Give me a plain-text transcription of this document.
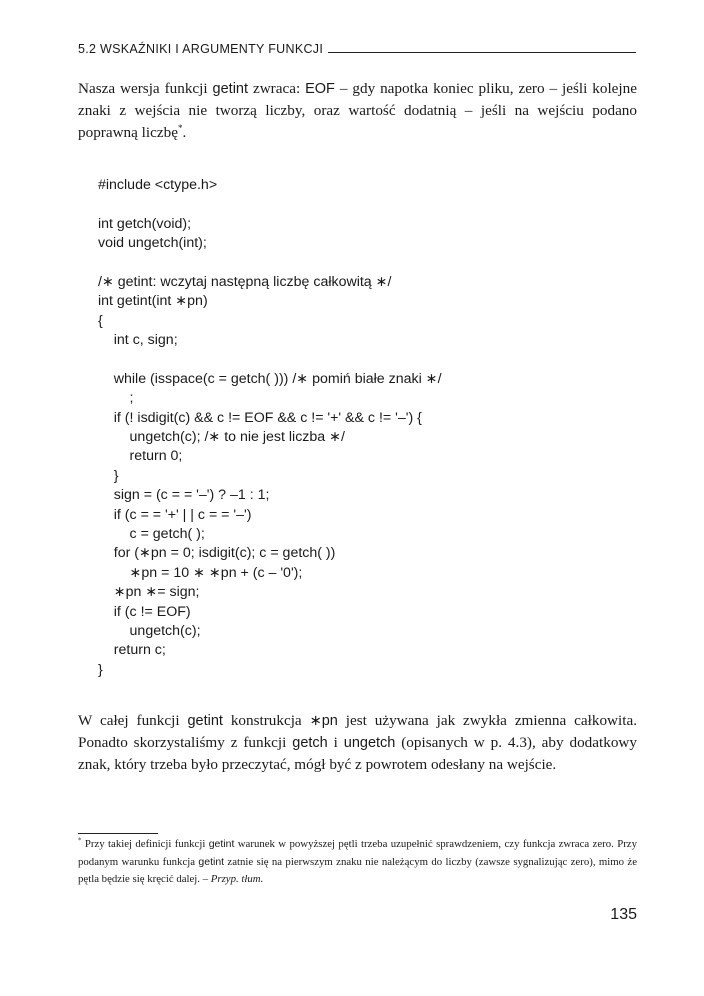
5.2 WSKAŹNIKI I ARGUMENTY FUNKCJI

Nasza wersja funkcji getint zwraca: EOF – gdy napotka koniec pliku, zero – jeśli kolejne znaki z wejścia nie tworzą liczby, oraz wartość dodatnią – jeśli na wejściu podano poprawną liczbę*.

#include <ctype.h>
int getch(void);
void ungetch(int);
/∗ getint: wczytaj następną liczbę całkowitą ∗/
int getint(int ∗pn)
{
int c, sign;
while (isspace(c = getch( ))) /∗ pomiń białe znaki ∗/
;
if (! isdigit(c) && c != EOF && c != '+' && c != '–') {
ungetch(c); /∗ to nie jest liczba ∗/
return 0;
}
sign = (c = = '–') ? –1 : 1;
if (c = = '+' | | c = = '–')
c = getch( );
for (∗pn = 0; isdigit(c); c = getch( ))
∗pn = 10 ∗ ∗pn + (c – '0');
∗pn ∗= sign;
if (c != EOF)
ungetch(c);
return c;
}

W całej funkcji getint konstrukcja ∗pn jest używana jak zwykła zmienna całkowita. Ponadto skorzystaliśmy z funkcji getch i ungetch (opisanych w p. 4.3), aby dodatkowy znak, który trzeba było przeczytać, mógł być z powrotem odesłany na wejście.

* Przy takiej definicji funkcji getint warunek w powyższej pętli trzeba uzupełnić sprawdzeniem, czy funkcja zwraca zero. Przy podanym warunku funkcja getint zatnie się na pierwszym znaku nie należącym do liczby (zawsze sygnalizując zero), mimo że pętla będzie się kręcić dalej. – Przyp. tłum.

135
